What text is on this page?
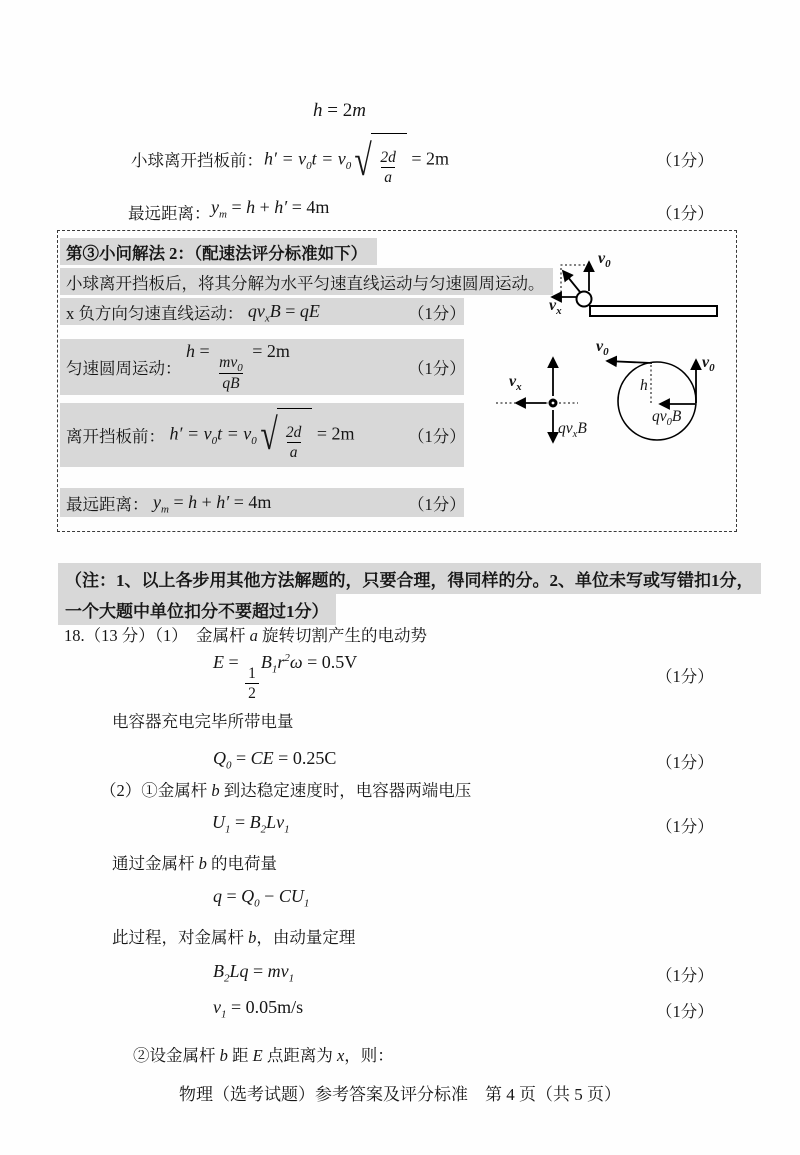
h = 2m
小球离开挡板前： $h' = v_0t = v_0$ √ $\frac{2d}{a} = 2m$	（1分）
最远距离： $y_m = h + h' = 4m$	（1分）
第③小问解法 2：（配速法评分标准如下）
小球离开挡板后，将其分解为水平匀速直线运动与匀速圆周运动。
x 负方向匀速直线运动： $qv_xB$ = qE	（1分）
匀速圆周运动：
h =
$\frac{mv_0}{qB}$
= 2m
（1分）
离开挡板前： $h' = v_0t = v_0$ √ $\frac{2d}{a} = 2m$	（1分）
最远距离： $y_m = h + h' = 4m$	（1分）
$v_0$
$v_x$
$v_x$
$qv_xB$
$v_0$
$v_0$
$qv_0B$
h
（注：1、以上各步用其他方法解题的，只要合理，得同样的分。2、单位未写或写错扣1分，
一个大题中单位扣分不要超过1分）
18.（13 分）（1）　金属杆 a 旋转切割产生的电动势
E =
$\frac{1}{2}$
$B_1r^2\omega = 0.5V$
（1分）
电容器充电完毕所带电量
$Q_0$ = CE = 0.25C	（1分）
（2）①金属杆 b 到达稳定速度时，电容器两端电压
$U_1 = B_2Lv_1$	（1分）
通过金属杆 b 的电荷量
$q = Q_0 - CU_1$
此过程，对金属杆 b，由动量定理
$B_2Lq = mv_1$	（1分）
$v_1 = 0.05m/s$	（1分）
②设金属杆 b 距 E 点距离为 x，则：
物理（选考试题）参考答案及评分标准　第 4 页（共 5 页）
